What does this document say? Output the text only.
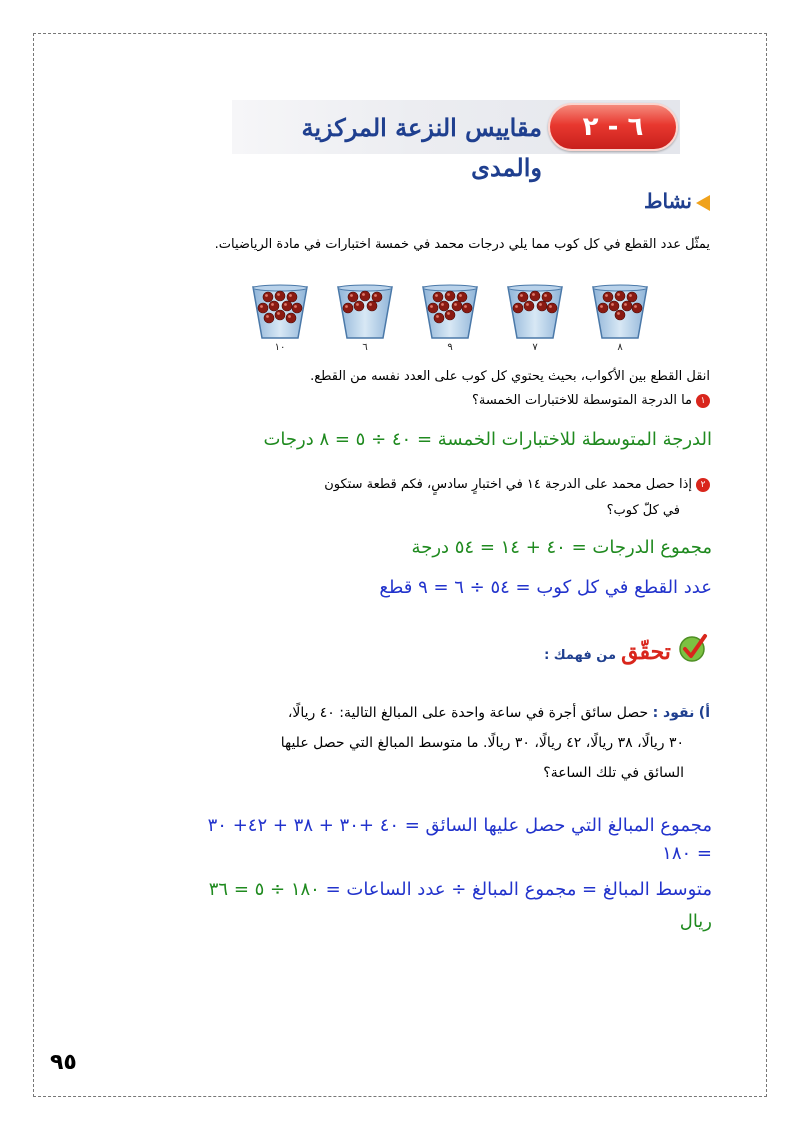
٦ - ٢
مقاييس النزعة المركزية والمدى
نشاط
يمثّل عدد القطع في كل كوب مما يلي درجات محمد في خمسة اختبارات في مادة الرياضيات.
٨
٧
٩
٦
١٠
انقل القطع بين الأكواب، بحيث يحتوي كل كوب على العدد نفسه من القطع.
١ما الدرجة المتوسطة للاختبارات الخمسة؟
الدرجة المتوسطة للاختبارات الخمسة = ٤٠ ÷ ٥ = ٨ درجات
٢إذا حصل محمد على الدرجة ١٤ في اختبارٍ سادسٍ، فكم قطعة ستكون
في كلّ كوب؟
مجموع الدرجات = ٤٠ + ١٤ = ٥٤ درجة
عدد القطع في كل كوب = ٥٤ ÷ ٦ = ٩ قطع
تحقّق من فهمك :
أ) نقود : حصل سائق أجرة في ساعة واحدة على المبالغ التالية: ٤٠ ريالًا،
٣٠ ريالًا، ٣٨ ريالًا، ٤٢ ريالًا، ٣٠ ريالًا. ما متوسط المبالغ التي حصل عليها
السائق في تلك الساعة؟
مجموع المبالغ التي حصل عليها السائق = ٤٠ +٣٠ + ٣٨ + ٤٢+ ٣٠
= ١٨٠
متوسط المبالغ = مجموع المبالغ ÷ عدد الساعات = ١٨٠ ÷ ٥ = ٣٦
ريال
٩٥
